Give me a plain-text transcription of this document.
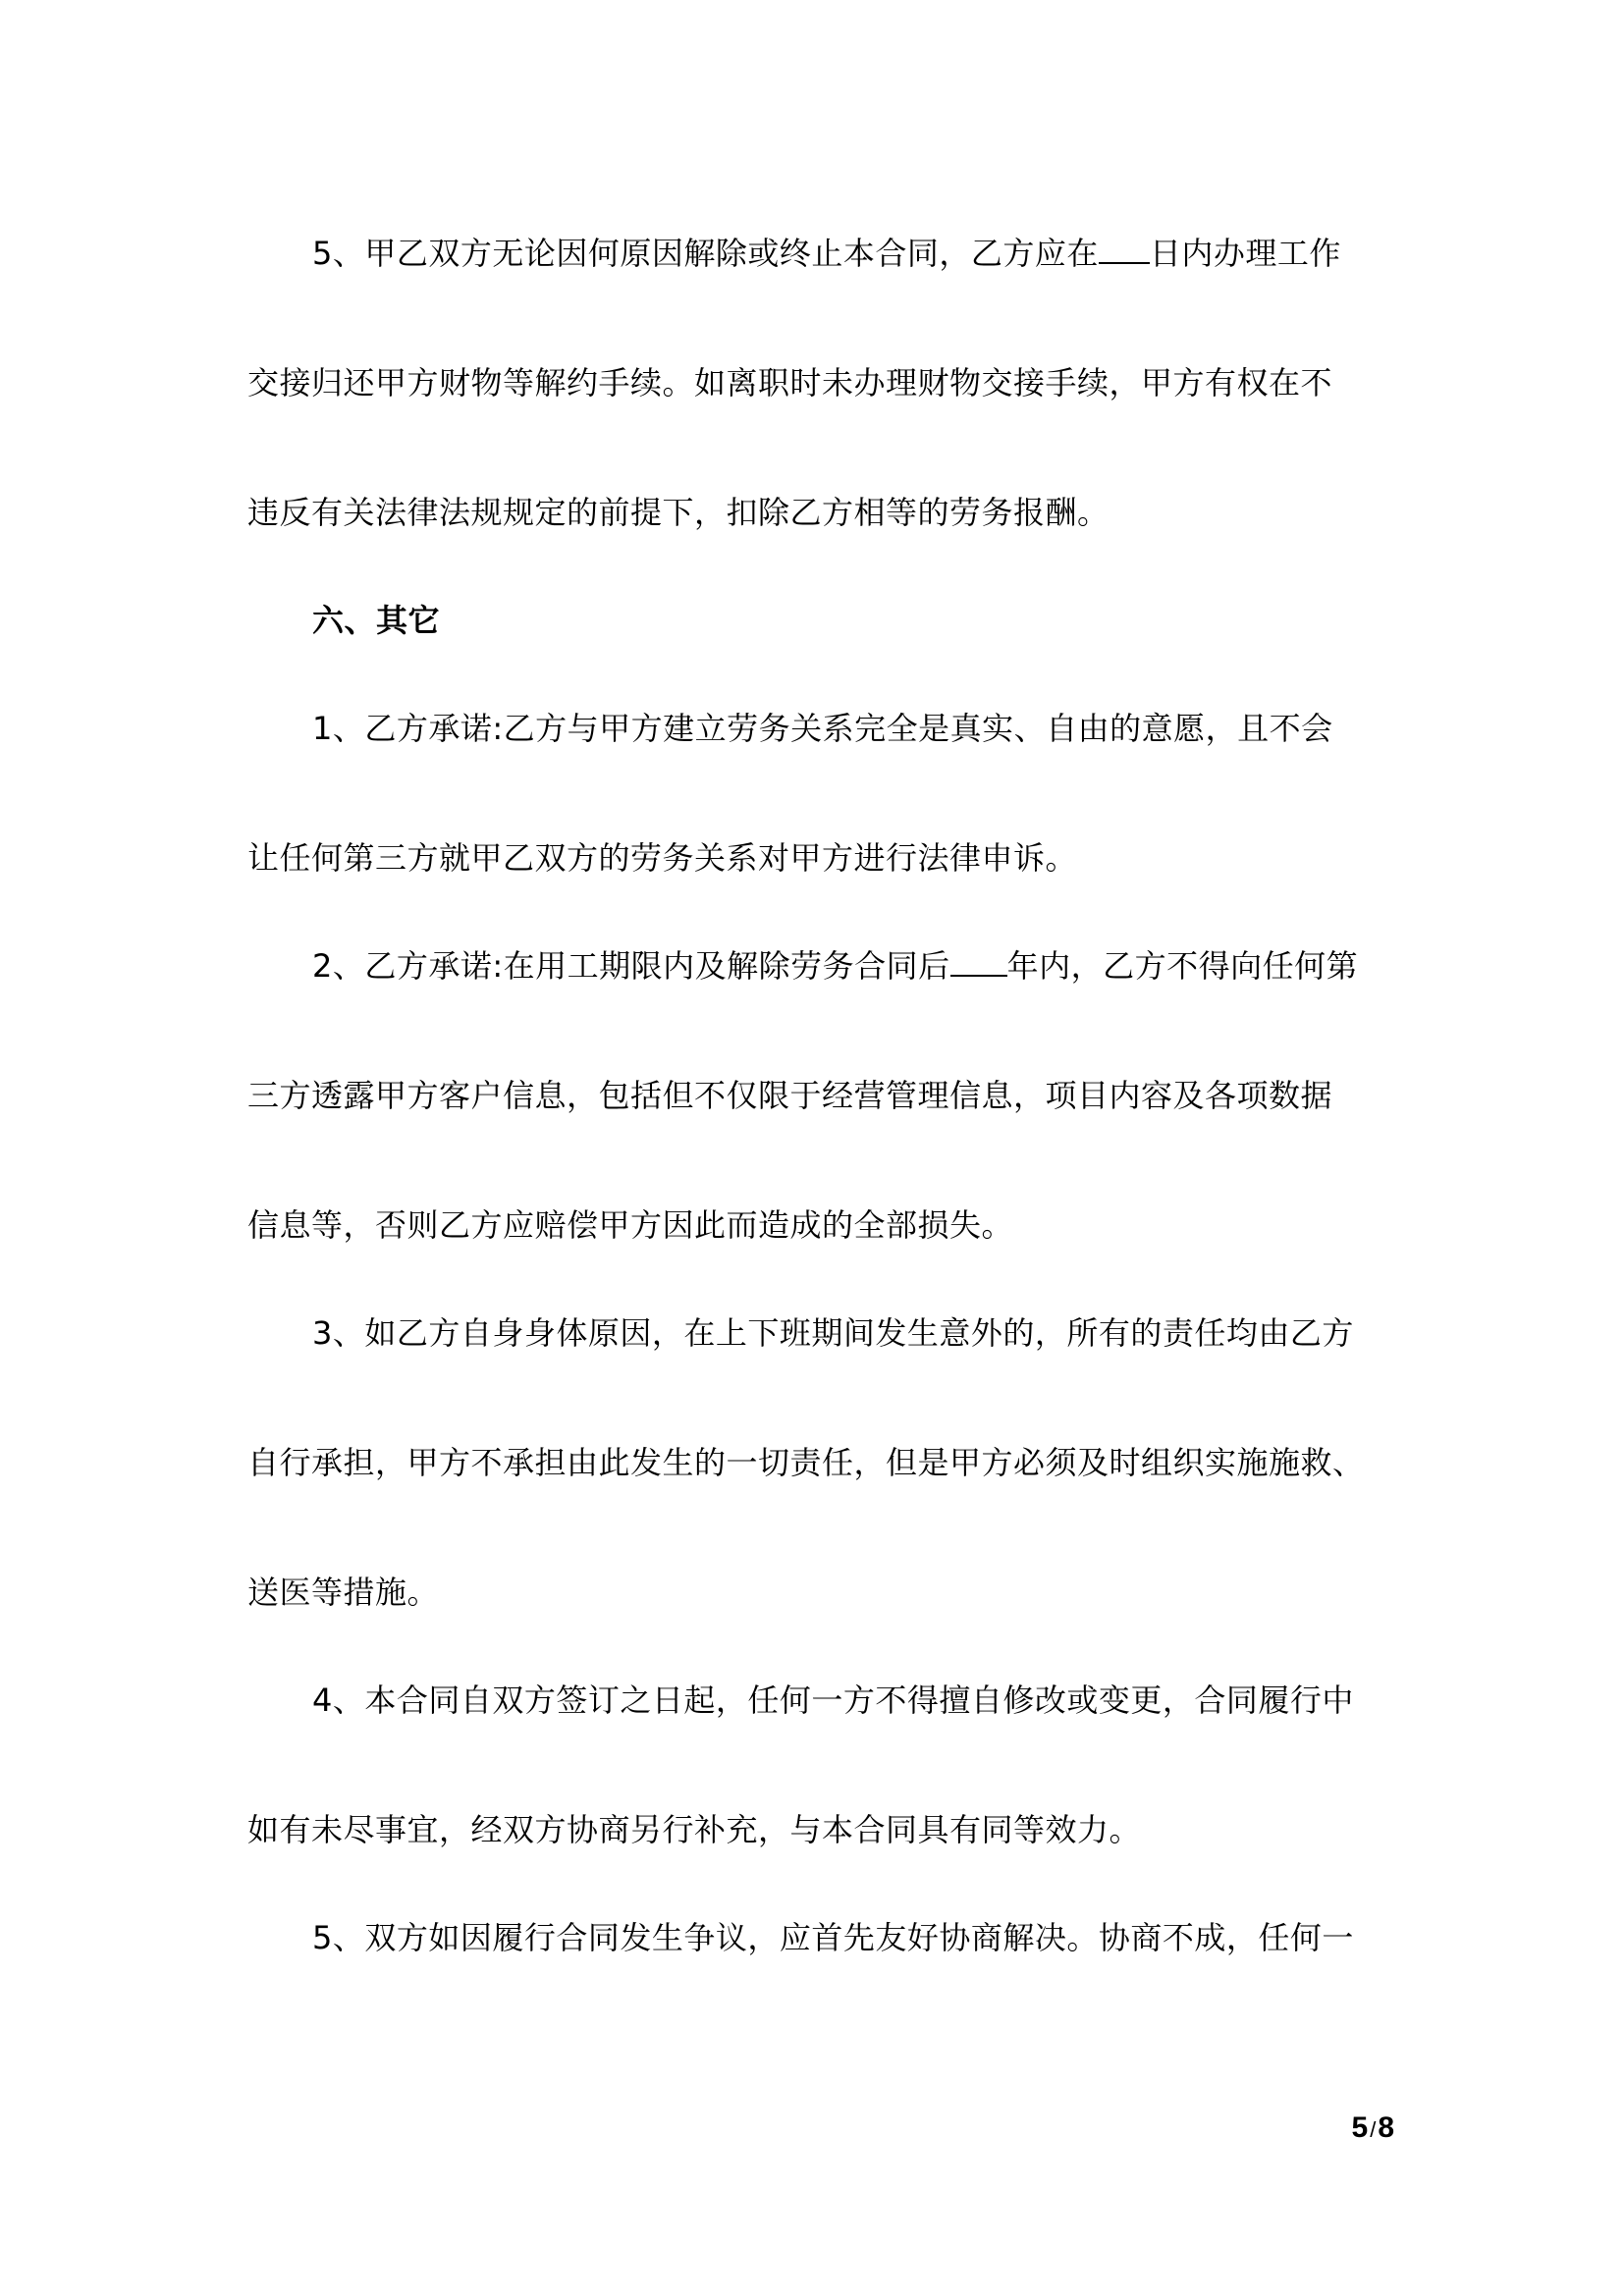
5、甲乙双方无论因何原因解除或终止本合同，乙方应在 日内办理工作
交接归还甲方财物等解约手续。如离职时未办理财物交接手续，甲方有权在不
违反有关法律法规规定的前提下，扣除乙方相等的劳务报酬。
六、其它
1、乙方承诺:乙方与甲方建立劳务关系完全是真实、自由的意愿，且不会
让任何第三方就甲乙双方的劳务关系对甲方进行法律申诉。
2、乙方承诺:在用工期限内及解除劳务合同后 年内，乙方不得向任何第
三方透露甲方客户信息，包括但不仅限于经营管理信息，项目内容及各项数据
信息等，否则乙方应赔偿甲方因此而造成的全部损失。
3、如乙方自身身体原因，在上下班期间发生意外的，所有的责任均由乙方
自行承担，甲方不承担由此发生的一切责任，但是甲方必须及时组织实施施救、
送医等措施。
4、本合同自双方签订之日起，任何一方不得擅自修改或变更，合同履行中
如有未尽事宜，经双方协商另行补充，与本合同具有同等效力。
5、双方如因履行合同发生争议，应首先友好协商解决。协商不成，任何一
5/8
